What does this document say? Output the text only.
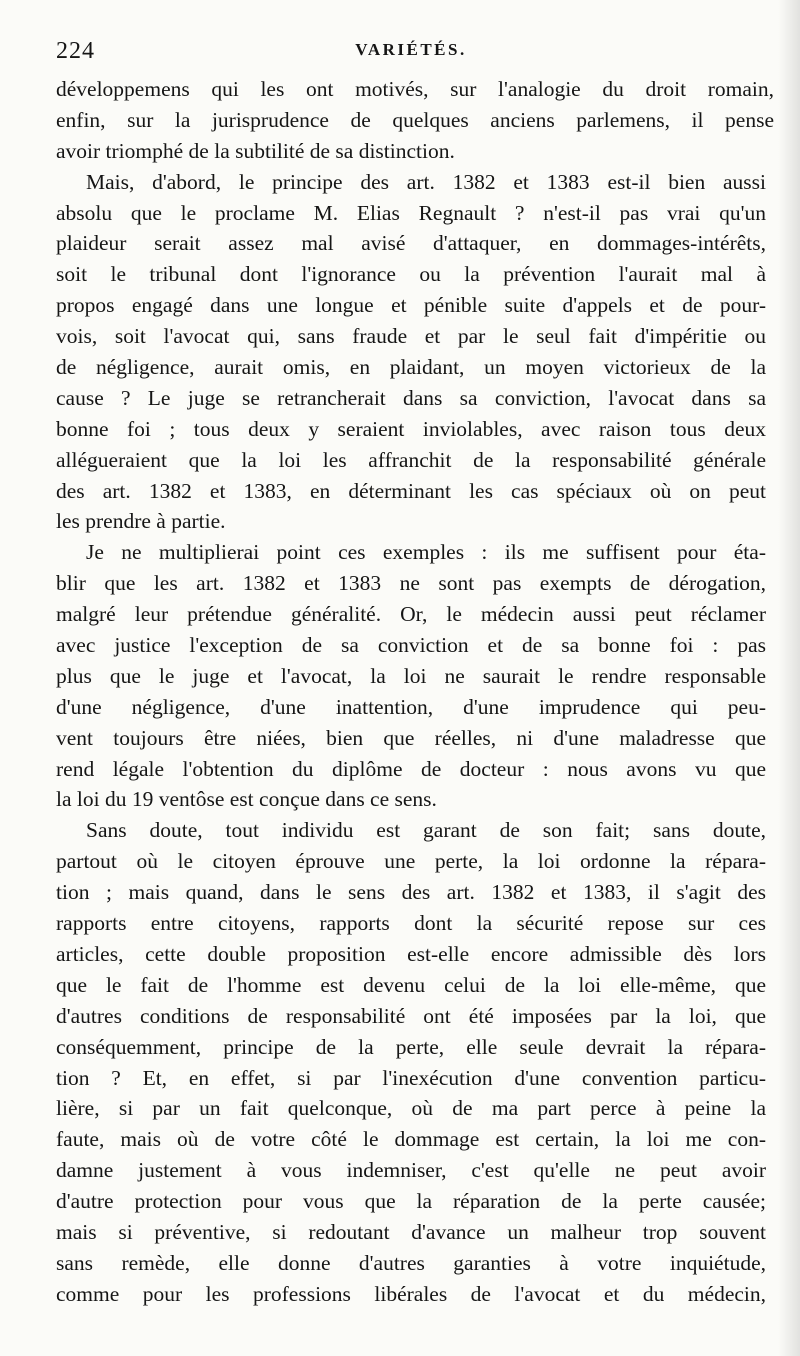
224	VARIÉTÉS.
développemens qui les ont motivés, sur l'analogie du droit romain,
enfin, sur la jurisprudence de quelques anciens parlemens, il pense
avoir triomphé de la subtilité de sa distinction.
Mais, d'abord, le principe des art. 1382 et 1383 est-il bien aussi
absolu que le proclame M. Elias Regnault ? n'est-il pas vrai qu'un
plaideur serait assez mal avisé d'attaquer, en dommages-intérêts,
soit le tribunal dont l'ignorance ou la prévention l'aurait mal à
propos engagé dans une longue et pénible suite d'appels et de pour-
vois, soit l'avocat qui, sans fraude et par le seul fait d'impéritie ou
de négligence, aurait omis, en plaidant, un moyen victorieux de la
cause ? Le juge se retrancherait dans sa conviction, l'avocat dans sa
bonne foi ; tous deux y seraient inviolables, avec raison tous deux
allégueraient que la loi les affranchit de la responsabilité générale
des art. 1382 et 1383, en déterminant les cas spéciaux où on peut
les prendre à partie.
Je ne multiplierai point ces exemples : ils me suffisent pour éta-
blir que les art. 1382 et 1383 ne sont pas exempts de dérogation,
malgré leur prétendue généralité. Or, le médecin aussi peut réclamer
avec justice l'exception de sa conviction et de sa bonne foi : pas
plus que le juge et l'avocat, la loi ne saurait le rendre responsable
d'une négligence, d'une inattention, d'une imprudence qui peu-
vent toujours être niées, bien que réelles, ni d'une maladresse que
rend légale l'obtention du diplôme de docteur : nous avons vu que
la loi du 19 ventôse est conçue dans ce sens.
Sans doute, tout individu est garant de son fait; sans doute,
partout où le citoyen éprouve une perte, la loi ordonne la répara-
tion ; mais quand, dans le sens des art. 1382 et 1383, il s'agit des
rapports entre citoyens, rapports dont la sécurité repose sur ces
articles, cette double proposition est-elle encore admissible dès lors
que le fait de l'homme est devenu celui de la loi elle-même, que
d'autres conditions de responsabilité ont été imposées par la loi, que
conséquemment, principe de la perte, elle seule devrait la répara-
tion ? Et, en effet, si par l'inexécution d'une convention particu-
lière, si par un fait quelconque, où de ma part perce à peine la
faute, mais où de votre côté le dommage est certain, la loi me con-
damne justement à vous indemniser, c'est qu'elle ne peut avoir
d'autre protection pour vous que la réparation de la perte causée;
mais si préventive, si redoutant d'avance un malheur trop souvent
sans remède, elle donne d'autres garanties à votre inquiétude,
comme pour les professions libérales de l'avocat et du médecin,
